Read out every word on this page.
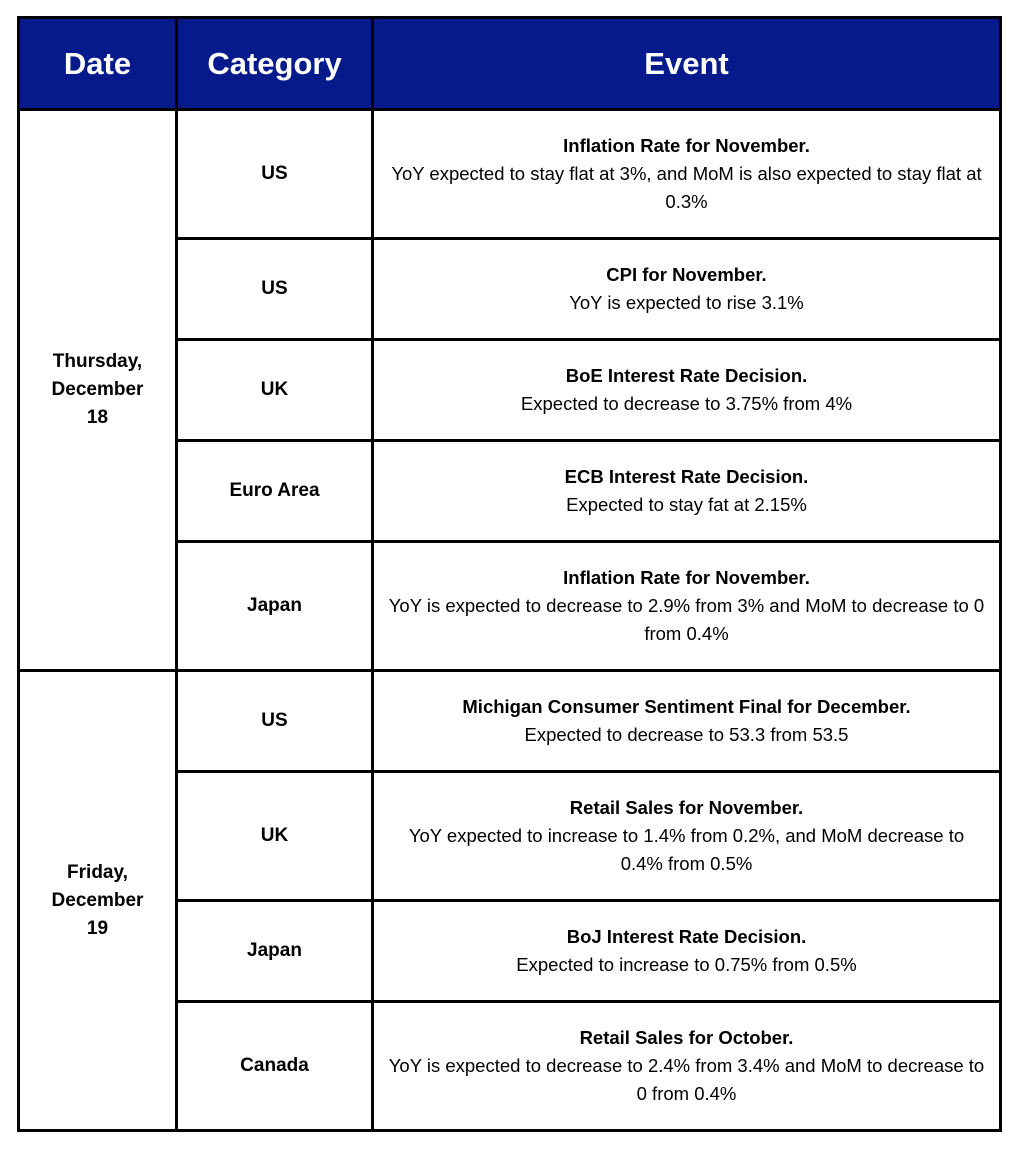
Date	Category	Event

Thursday,
December
18	US	Inflation Rate for November.
YoY expected to stay flat at 3%, and MoM is also expected to stay flat at 0.3%

	US	CPI for November.
YoY is expected to rise 3.1%

	UK	BoE Interest Rate Decision.
Expected to decrease to 3.75% from 4%

	Euro Area	ECB Interest Rate Decision.
Expected to stay fat at 2.15%

	Japan	Inflation Rate for November.
YoY is expected to decrease to 2.9% from 3% and MoM to decrease to 0 from 0.4%

Friday,
December
19	US	Michigan Consumer Sentiment Final for December.
Expected to decrease to 53.3 from 53.5

	UK	Retail Sales for November.
YoY expected to increase to 1.4% from 0.2%, and MoM decrease to 0.4% from 0.5%

	Japan	BoJ Interest Rate Decision.
Expected to increase to 0.75% from 0.5%

	Canada	Retail Sales for October.
YoY is expected to decrease to 2.4% from 3.4% and MoM to decrease to 0 from 0.4%
